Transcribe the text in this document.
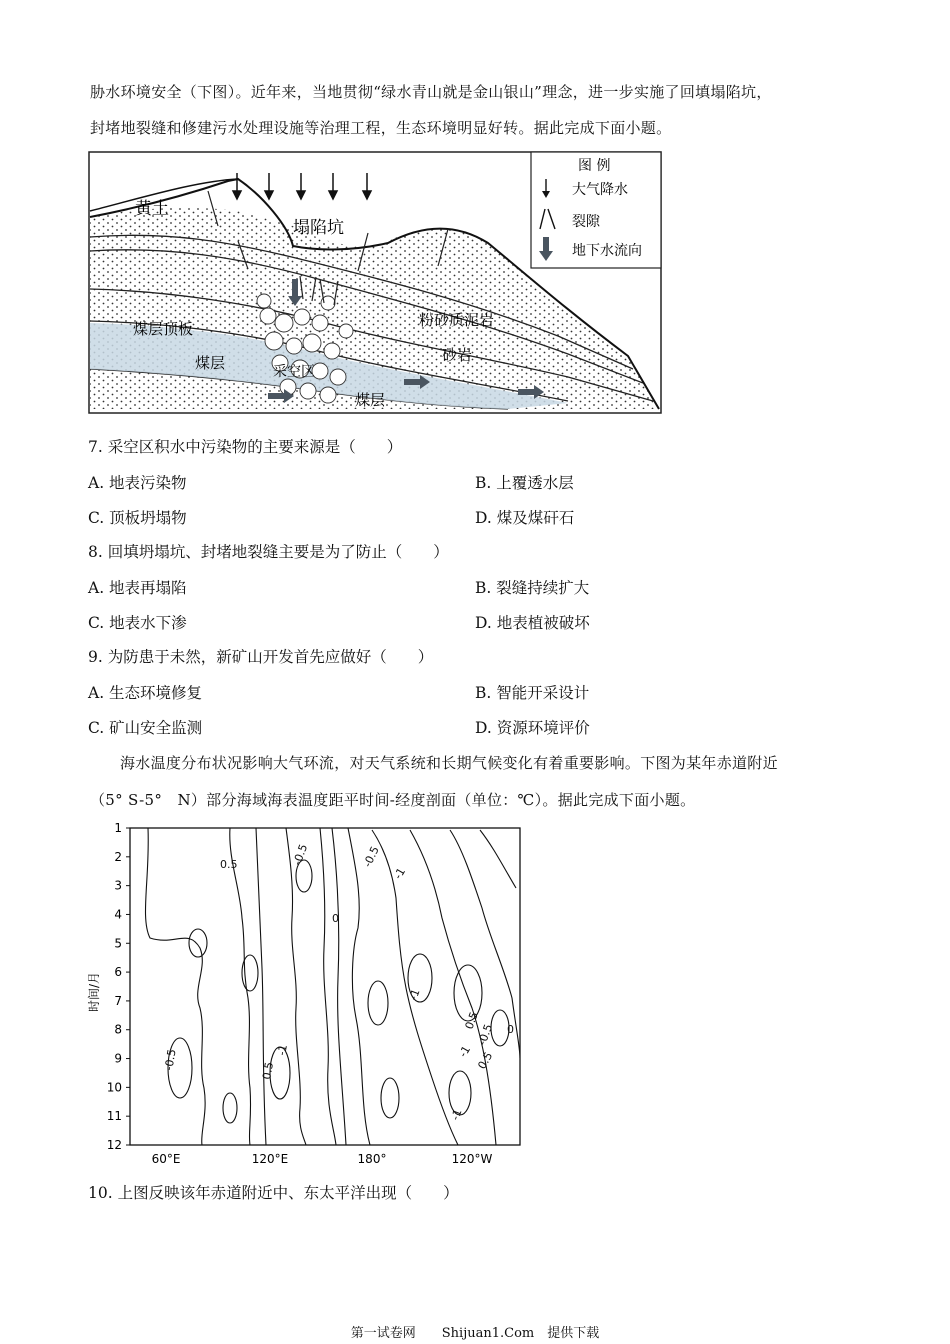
胁水环境安全（下图）。近年来，当地贯彻“绿水青山就是金山银山”理念，进一步实施了回填塌陷坑，
封堵地裂缝和修建污水处理设施等治理工程，生态环境明显好转。据此完成下面小题。
黄土
塌陷坑
煤层顶板
煤层	采空区
煤层
粉砂质泥岩
砂岩
图 例
大气降水
裂隙
地下水流向
7. 采空区积水中污染物的主要来源是（　　）
A. 地表污染物	B. 上覆透水层
C. 顶板坍塌物	D. 煤及煤矸石
8. 回填坍塌坑、封堵地裂缝主要是为了防止（　　）
A. 地表再塌陷	B. 裂缝持续扩大
C. 地表水下渗	D. 地表植被破坏
9. 为防患于未然，新矿山开发首先应做好（　　）
A. 生态环境修复	B. 智能开采设计
C. 矿山安全监测	D. 资源环境评价
海水温度分布状况影响大气环流，对天气系统和长期气候变化有着重要影响。下图为某年赤道附近
（5° S-5°　N）部分海域海表温度距平时间-经度剖面（单位：℃）。据此完成下面小题。
时间/月
1
2
3
4
5
6
7
8
9
10
11
12
60°E	120°E	180°	120°W
0.5	-0.5	-0.5
-1
0
-1
0.5
-1
0
-0.5	0.5
-1
-0.5
-1
0.5
10. 上图反映该年赤道附近中、东太平洋出现（　　）
第一试卷网　　Shijuan1.Com　提供下载
